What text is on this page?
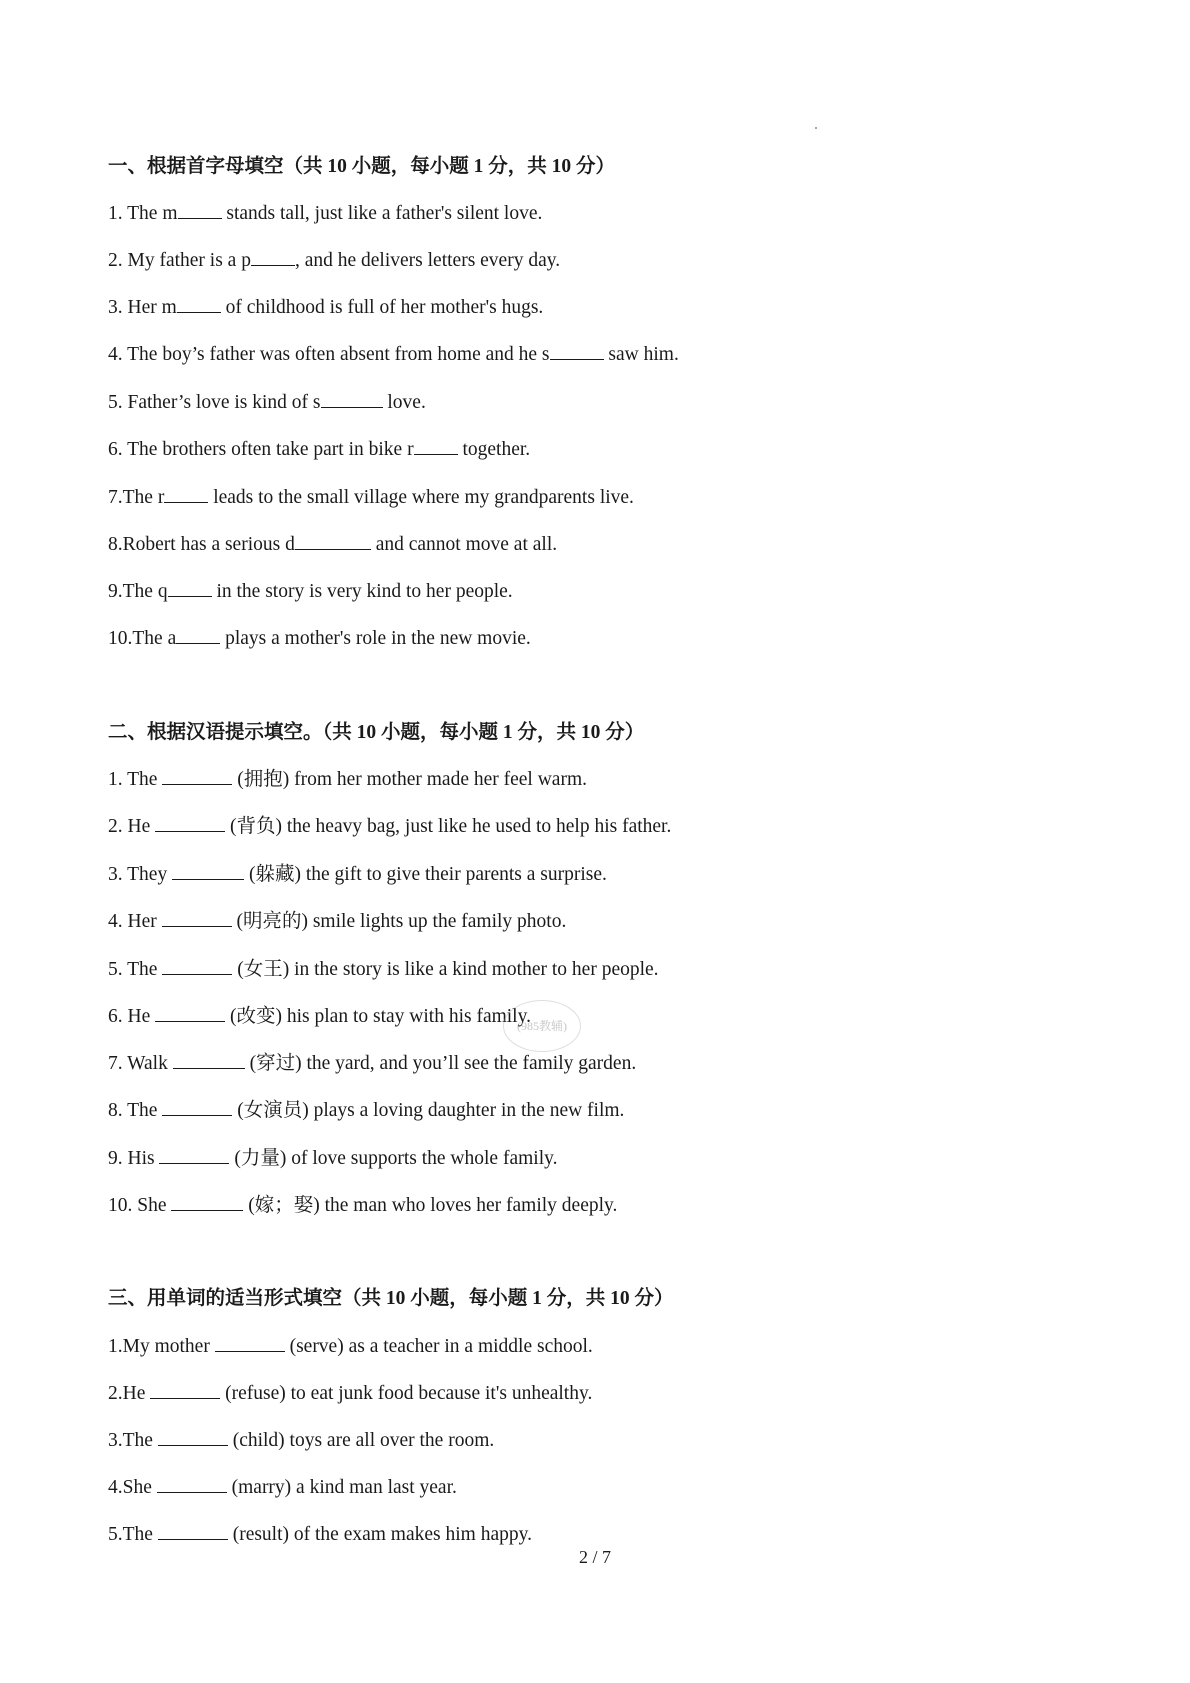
一、根据首字母填空（共 10 小题，每小题 1 分，共 10 分）
1. The m stands tall, just like a father's silent love.
2. My father is a p , and he delivers letters every day.
3. Her m of childhood is full of her mother's hugs.
4. The boy’s father was often absent from home and he s	saw him.
5. Father’s love is kind of s	love.
6. The brothers often take part in bike r together.
7.The r leads to the small village where my grandparents live.
8.Robert has a serious d	and cannot move at all.
9.The q in the story is very kind to her people.
10.The a plays a mother's role in the new movie.
二、根据汉语提示填空。（共 10 小题，每小题 1 分，共 10 分）
1. The	(拥抱) from her mother made her feel warm.
2. He	(背负) the heavy bag, just like he used to help his father.
3. They	(躲藏) the gift to give their parents a surprise.
4. Her	(明亮的) smile lights up the family photo.
5. The	(女王) in the story is like a kind mother to her people.
6. He	(改变) his plan to stay with his family.
7. Walk	(穿过) the yard, and you’ll see the family garden.
8. The	(女演员) plays a loving daughter in the new film.
9. His	(力量) of love supports the whole family.
10. She	(嫁；娶) the man who loves her family deeply.
三、用单词的适当形式填空（共 10 小题，每小题 1 分，共 10 分）
1.My mother	(serve) as a teacher in a middle school.
2.He	(refuse) to eat junk food because it's unhealthy.
3.The	(child) toys are all over the room.
4.She	(marry) a kind man last year.
5.The	(result) of the exam makes him happy.
(985教辅)
2 / 7
